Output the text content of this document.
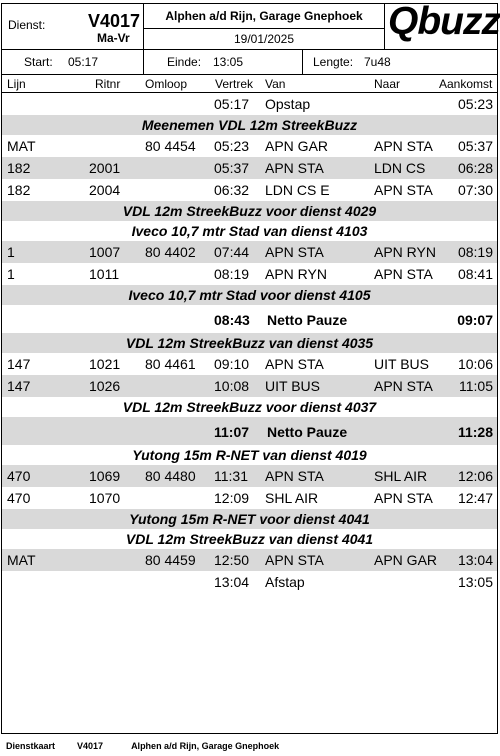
Dienst: V4017
Ma-Vr
Alphen a/d Rijn, Garage Gnephoek
19/01/2025	Qbuzz
Start: 05:17	Einde: 13:05	Lengte: 7u48
Lijn	Ritnr Omloop Vertrek Van	Naar	Aankomst
05:17 Opstap	05:23
Meenemen VDL 12m StreekBuzz
MAT	80 4454 05:23 APN GAR	APN STA 05:37
182	2001	05:37 APN STA	LDN CS 06:28
182	2004	06:32 LDN CS E	APN STA 07:30
VDL 12m StreekBuzz voor dienst 4029
Iveco 10,7 mtr Stad van dienst 4103
1	1007 80 4402 07:44 APN STA	APN RYN 08:19
1	1011	08:19 APN RYN	APN STA 08:41
Iveco 10,7 mtr Stad voor dienst 4105
08:43 Netto Pauze	09:07
VDL 12m StreekBuzz van dienst 4035
147	1021 80 4461 09:10 APN STA	UIT BUS 10:06
147	1026	10:08 UIT BUS	APN STA 11:05
VDL 12m StreekBuzz voor dienst 4037
11:07 Netto Pauze	11:28
Yutong 15m R-NET van dienst 4019
470	1069 80 4480 11:31 APN STA	SHL AIR 12:06
470	1070	12:09 SHL AIR	APN STA 12:47
Yutong 15m R-NET voor dienst 4041
VDL 12m StreekBuzz van dienst 4041
MAT	80 4459 12:50 APN STA	APN GAR 13:04
13:04 Afstap	13:05
Dienstkaart V4017	Alphen a/d Rijn, Garage Gnephoek
